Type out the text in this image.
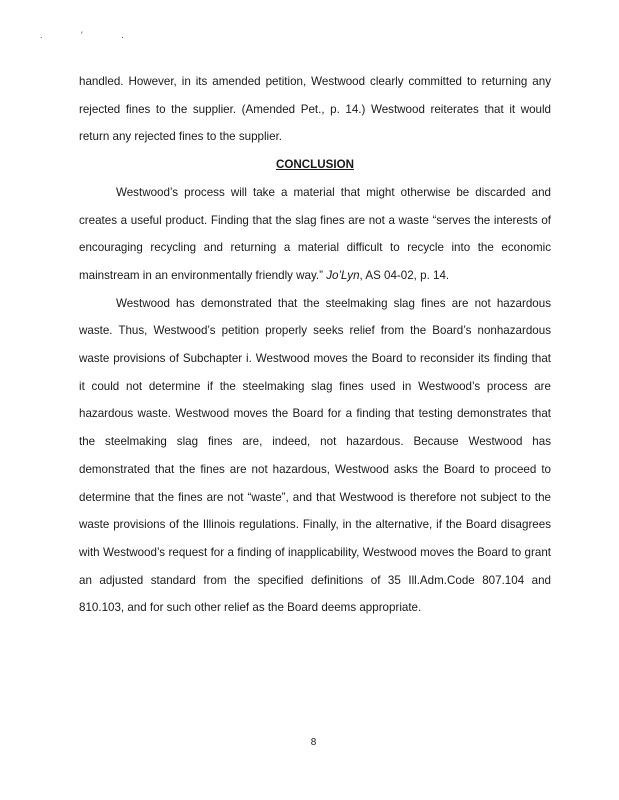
. ′ .

handled. However, in its amended petition, Westwood clearly committed to returning any rejected fines to the supplier. (Amended Pet., p. 14.) Westwood reiterates that it would return any rejected fines to the supplier.

CONCLUSION

Westwood’s process will take a material that might otherwise be discarded and creates a useful product. Finding that the slag fines are not a waste “serves the interests of encouraging recycling and returning a material difficult to recycle into the economic mainstream in an environmentally friendly way.” Jo’Lyn, AS 04-02, p. 14.

Westwood has demonstrated that the steelmaking slag fines are not hazardous waste. Thus, Westwood’s petition properly seeks relief from the Board’s nonhazardous waste provisions of Subchapter i. Westwood moves the Board to reconsider its finding that it could not determine if the steelmaking slag fines used in Westwood’s process are hazardous waste. Westwood moves the Board for a finding that testing demonstrates that the steelmaking slag fines are, indeed, not hazardous. Because Westwood has demonstrated that the fines are not hazardous, Westwood asks the Board to proceed to determine that the fines are not “waste”, and that Westwood is therefore not subject to the waste provisions of the Illinois regulations. Finally, in the alternative, if the Board disagrees with Westwood’s request for a finding of inapplicability, Westwood moves the Board to grant an adjusted standard from the specified definitions of 35 Ill.Adm.Code 807.104 and 810.103, and for such other relief as the Board deems appropriate.

8
